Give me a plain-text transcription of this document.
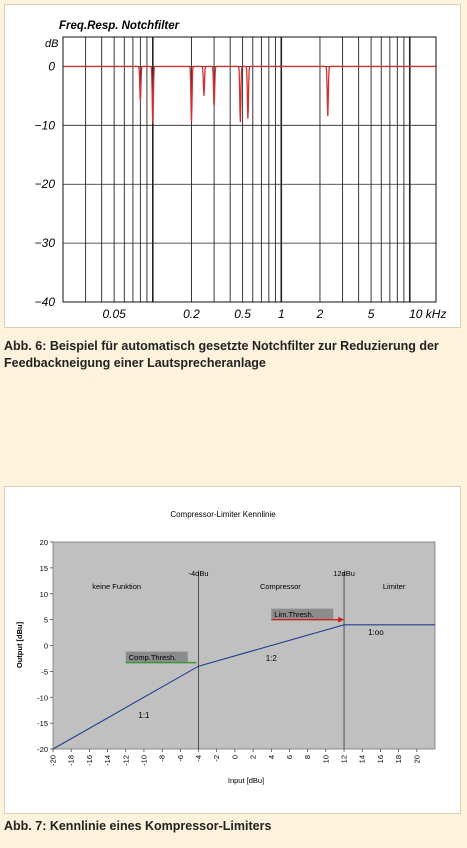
0
−10
−20
−30
−40
0.05	0.2	0.5 1	2	5	10 kHz
Freq.Resp. Notchfilter
dB
Abb. 6: Beispiel für automatisch gesetzte Notchfilter zur Reduzierung der Feedbackneigung einer Lautsprecheranlage
Compressor-Limiter Kennlinie
20
15
10
5
0
-5
-10
-15
-20
-20 -18 -16 -14 -12 -10 -8 -6 -4 -2 0 2 4 6 8 10 12 14 16 18 20
-4dBu	12dBu
keine Funktion	Compressor	Limiter
Comp.Thresh.
Lim.Thresh.
1:1
1:2
1:oo
Input [dBu]
Output [dBu]
Abb. 7: Kennlinie eines Kompressor-Limiters
